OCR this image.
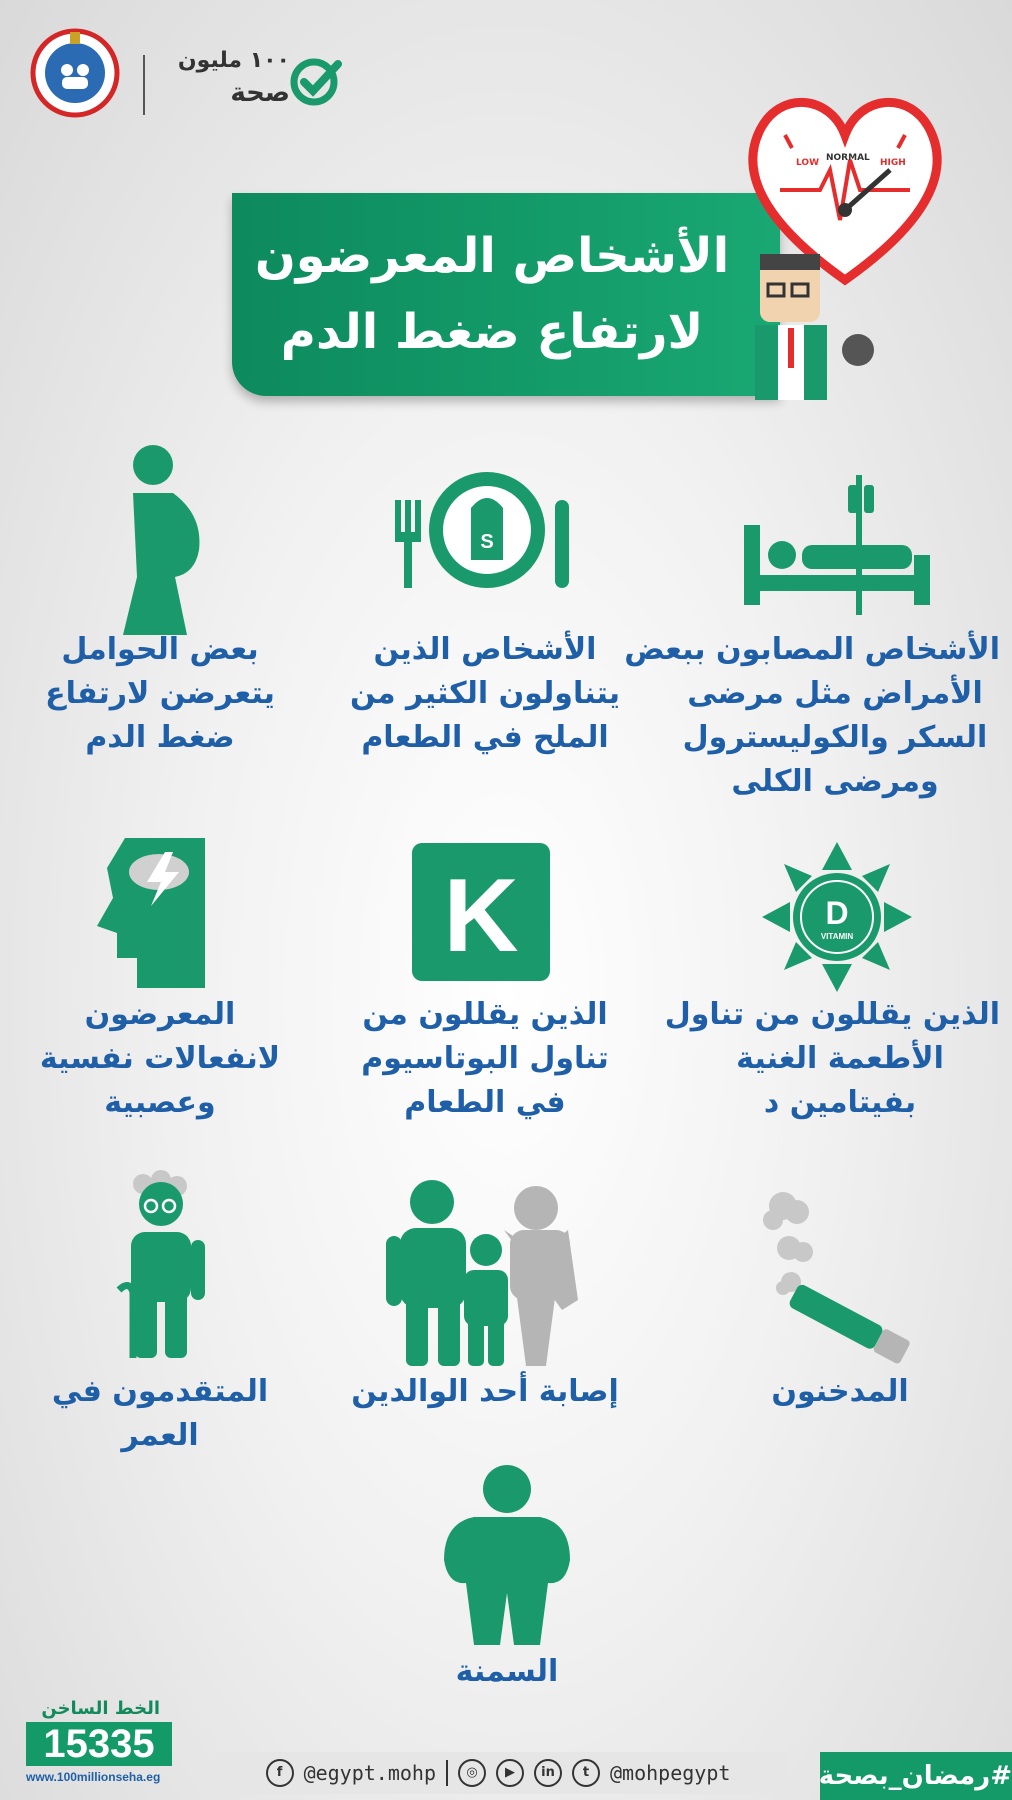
١٠٠ مليون
صحة
الأشخاص المعرضون
لارتفاع ضغط الدم
LOW NORMAL HIGH
S
الأشخاص المصابون ببعض
الأمراض مثل مرضى
السكر والكوليسترول
ومرضى الكلى
الأشخاص الذين
يتناولون الكثير من
الملح في الطعام
بعض الحوامل
يتعرضن لارتفاع
ضغط الدم
D
VITAMIN
K
الذين يقللون من تناول
الأطعمة الغنية
بفيتامين د
الذين يقللون من
تناول البوتاسيوم
في الطعام
المعرضون
لانفعالات نفسية
وعصبية
المدخنون
إصابة أحد الوالدين
المتقدمون في
العمر
السمنة
الخط الساخن
15335
www.100millionseha.eg	f	@egypt.mohp	◎	▶	in	t	@mohpegypt	#رمضان_بصحة
